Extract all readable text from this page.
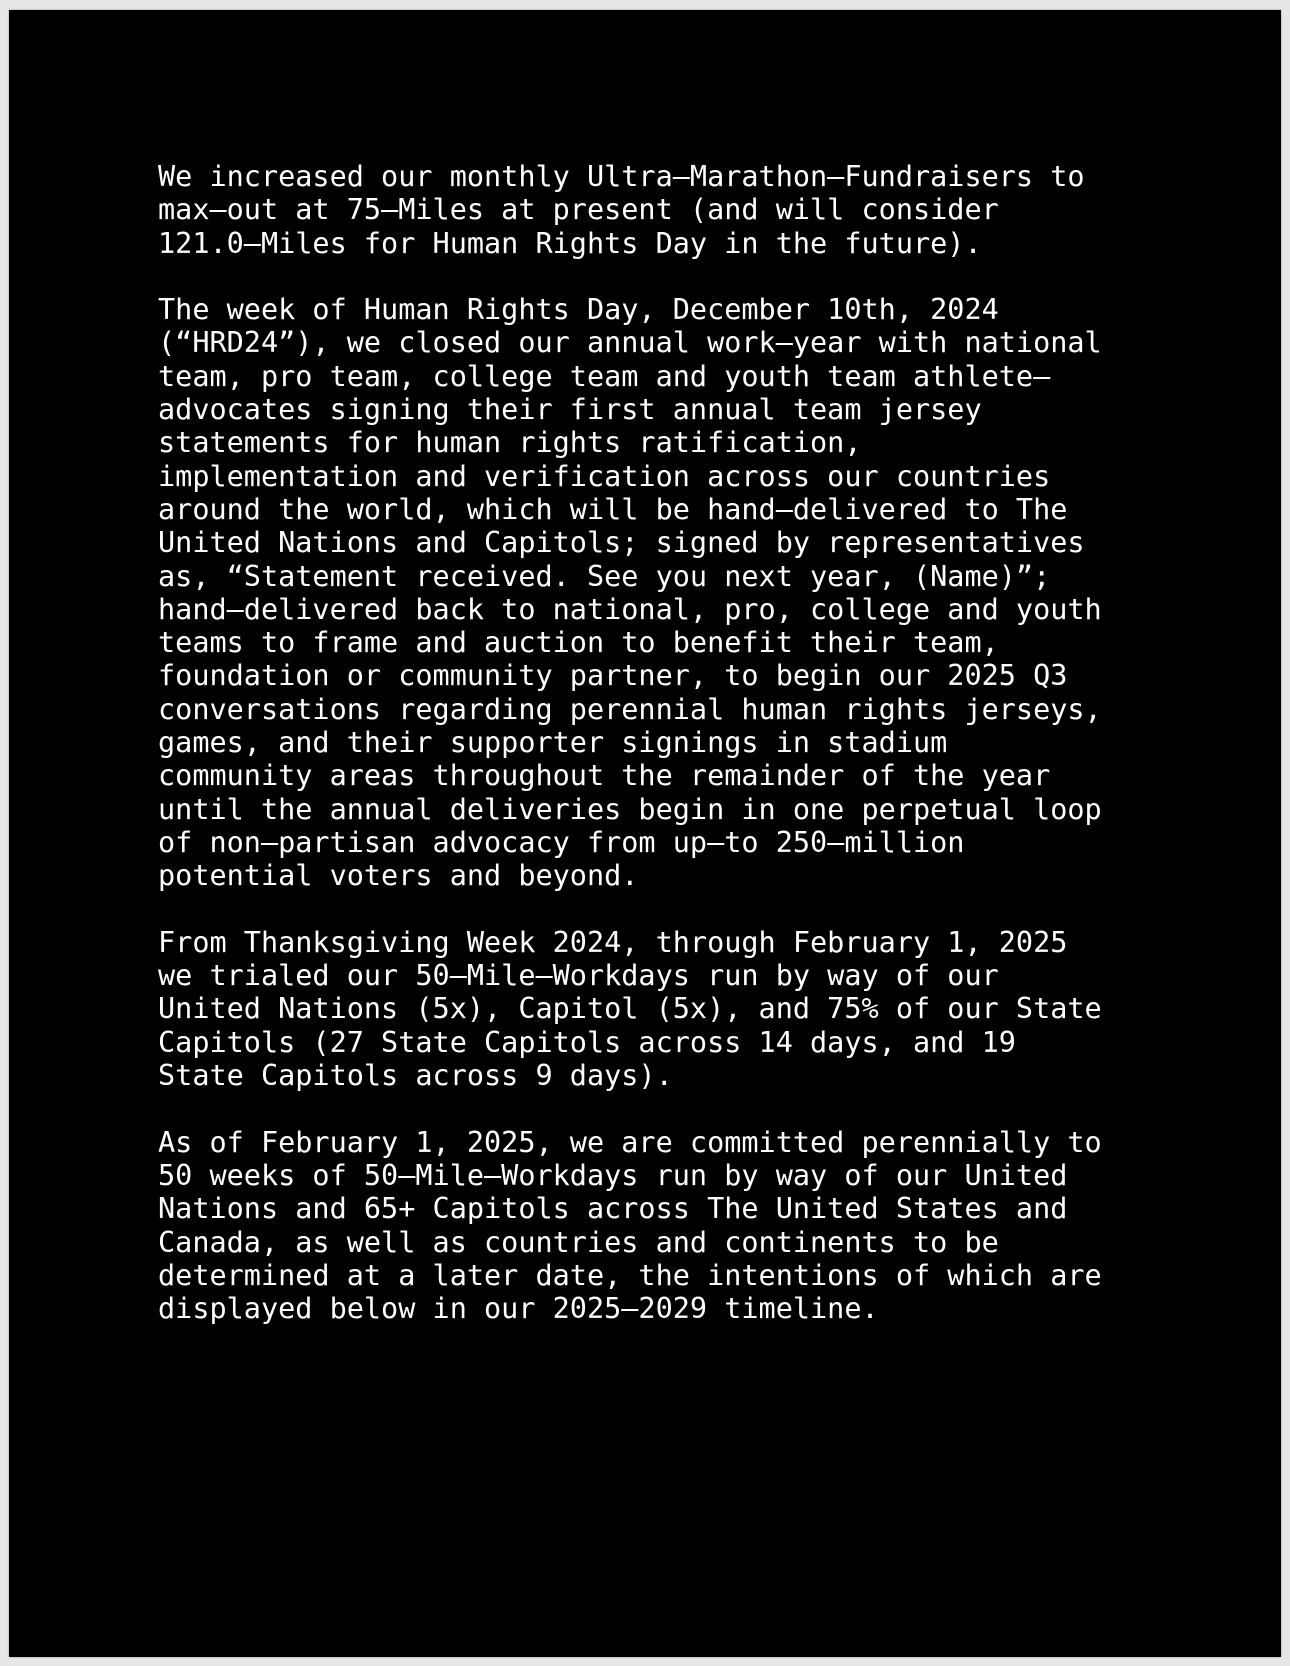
We increased our monthly Ultra–Marathon–Fundraisers to
max–out at 75–Miles at present (and will consider
121.0–Miles for Human Rights Day in the future).

The week of Human Rights Day, December 10th, 2024
(“HRD24”), we closed our annual work–year with national
team, pro team, college team and youth team athlete–
advocates signing their first annual team jersey
statements for human rights ratification,
implementation and verification across our countries
around the world, which will be hand–delivered to The
United Nations and Capitols; signed by representatives
as, “Statement received. See you next year, (Name)”;
hand–delivered back to national, pro, college and youth
teams to frame and auction to benefit their team,
foundation or community partner, to begin our 2025 Q3
conversations regarding perennial human rights jerseys,
games, and their supporter signings in stadium
community areas throughout the remainder of the year
until the annual deliveries begin in one perpetual loop
of non–partisan advocacy from up–to 250–million
potential voters and beyond.

From Thanksgiving Week 2024, through February 1, 2025
we trialed our 50–Mile–Workdays run by way of our
United Nations (5x), Capitol (5x), and 75% of our State
Capitols (27 State Capitols across 14 days, and 19
State Capitols across 9 days).

As of February 1, 2025, we are committed perennially to
50 weeks of 50–Mile–Workdays run by way of our United
Nations and 65+ Capitols across The United States and
Canada, as well as countries and continents to be
determined at a later date, the intentions of which are
displayed below in our 2025–2029 timeline.
